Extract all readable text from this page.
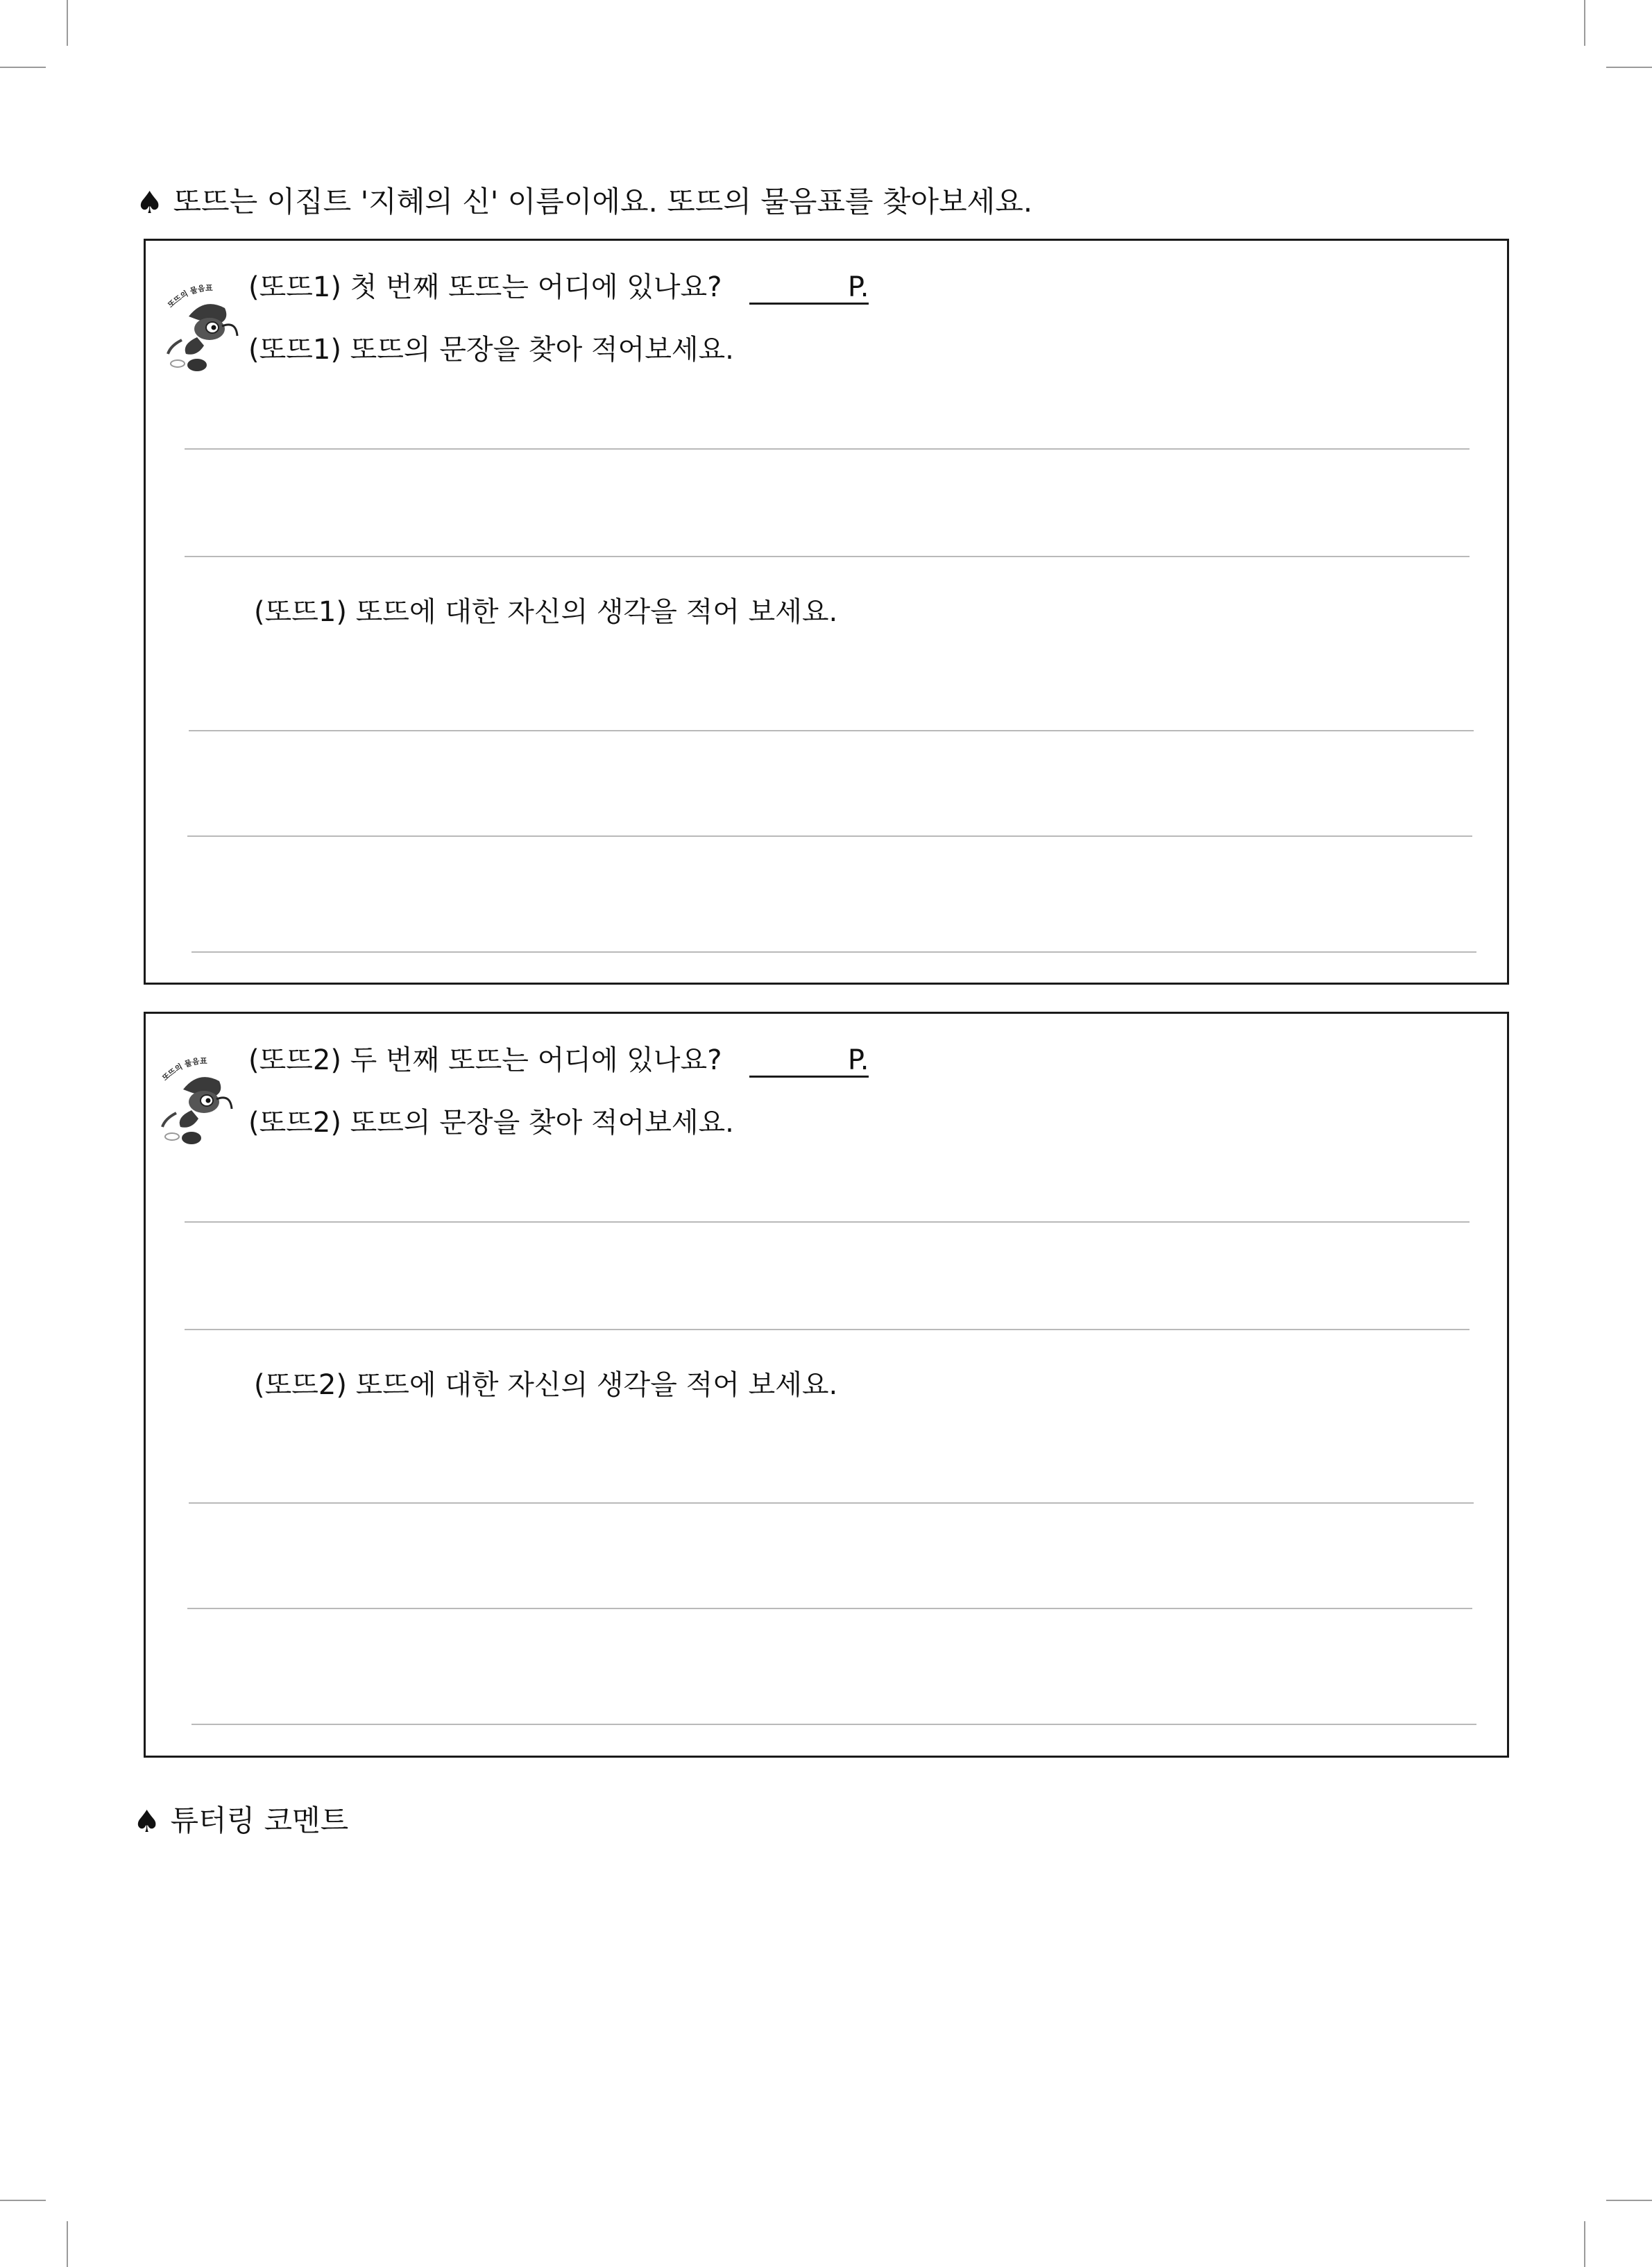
♠ 또뜨는 이집트 '지혜의 신' 이름이에요. 또뜨의 물음표를 찾아보세요.
또뜨의 물음표 (또뜨1) 첫 번째 또뜨는 어디에 있나요?	P.
(또뜨1) 또뜨의 문장을 찾아 적어보세요.
(또뜨1) 또뜨에 대한 자신의 생각을 적어 보세요.
또뜨의 물음표 (또뜨2) 두 번째 또뜨는 어디에 있나요?	P.
(또뜨2) 또뜨의 문장을 찾아 적어보세요.
(또뜨2) 또뜨에 대한 자신의 생각을 적어 보세요.
♠ 튜터링 코멘트
